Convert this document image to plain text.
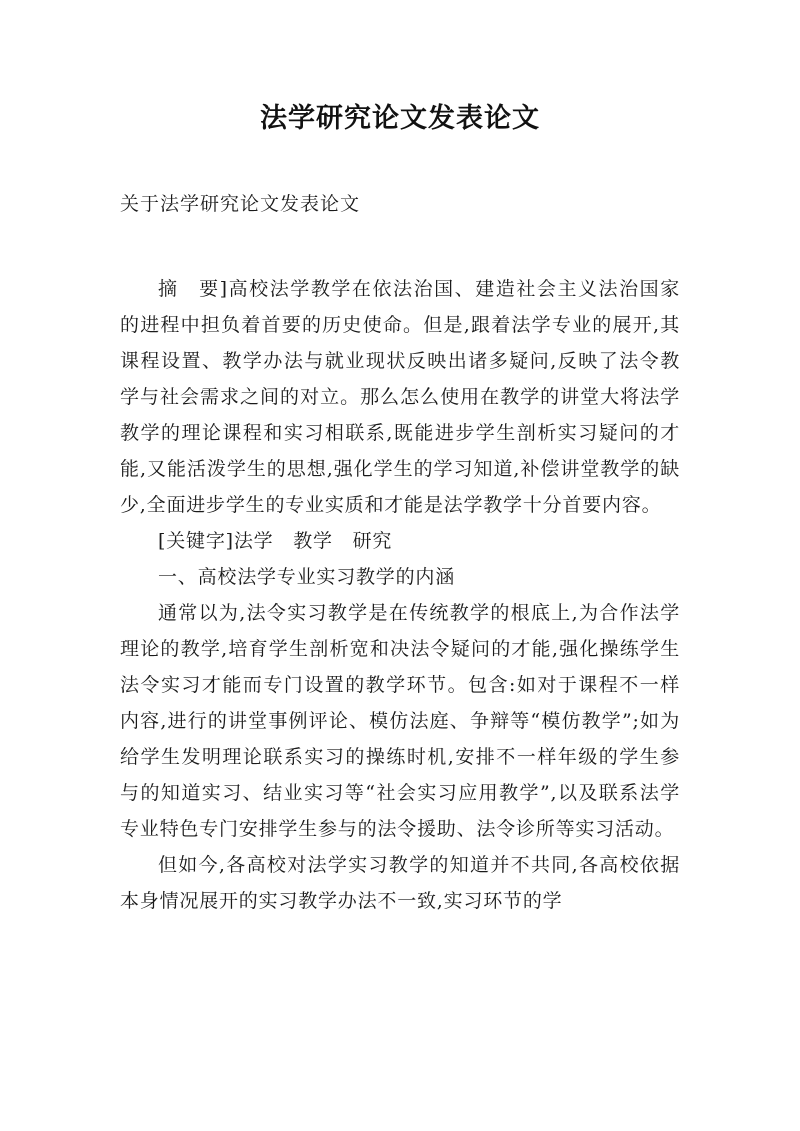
法学研究论文发表论文

关于法学研究论文发表论文

摘　要]高校法学教学在依法治国、建造社会主义法治国家的进程中担负着首要的历史使命。但是,跟着法学专业的展开,其课程设置、教学办法与就业现状反映出诸多疑问,反映了法令教学与社会需求之间的对立。那么怎么使用在教学的讲堂大将法学教学的理论课程和实习相联系,既能进步学生剖析实习疑问的才能,又能活泼学生的思想,强化学生的学习知道,补偿讲堂教学的缺少,全面进步学生的专业实质和才能是法学教学十分首要内容。

[关键字]法学　教学　研究

一、高校法学专业实习教学的内涵

通常以为,法令实习教学是在传统教学的根底上,为合作法学理论的教学,培育学生剖析宽和决法令疑问的才能,强化操练学生法令实习才能而专门设置的教学环节。包含:如对于课程不一样内容,进行的讲堂事例评论、模仿法庭、争辩等“模仿教学”;如为给学生发明理论联系实习的操练时机,安排不一样年级的学生参与的知道实习、结业实习等“社会实习应用教学”,以及联系法学专业特色专门安排学生参与的法令援助、法令诊所等实习活动。

但如今,各高校对法学实习教学的知道并不共同,各高校依据本身情况展开的实习教学办法不一致,实习环节的学
